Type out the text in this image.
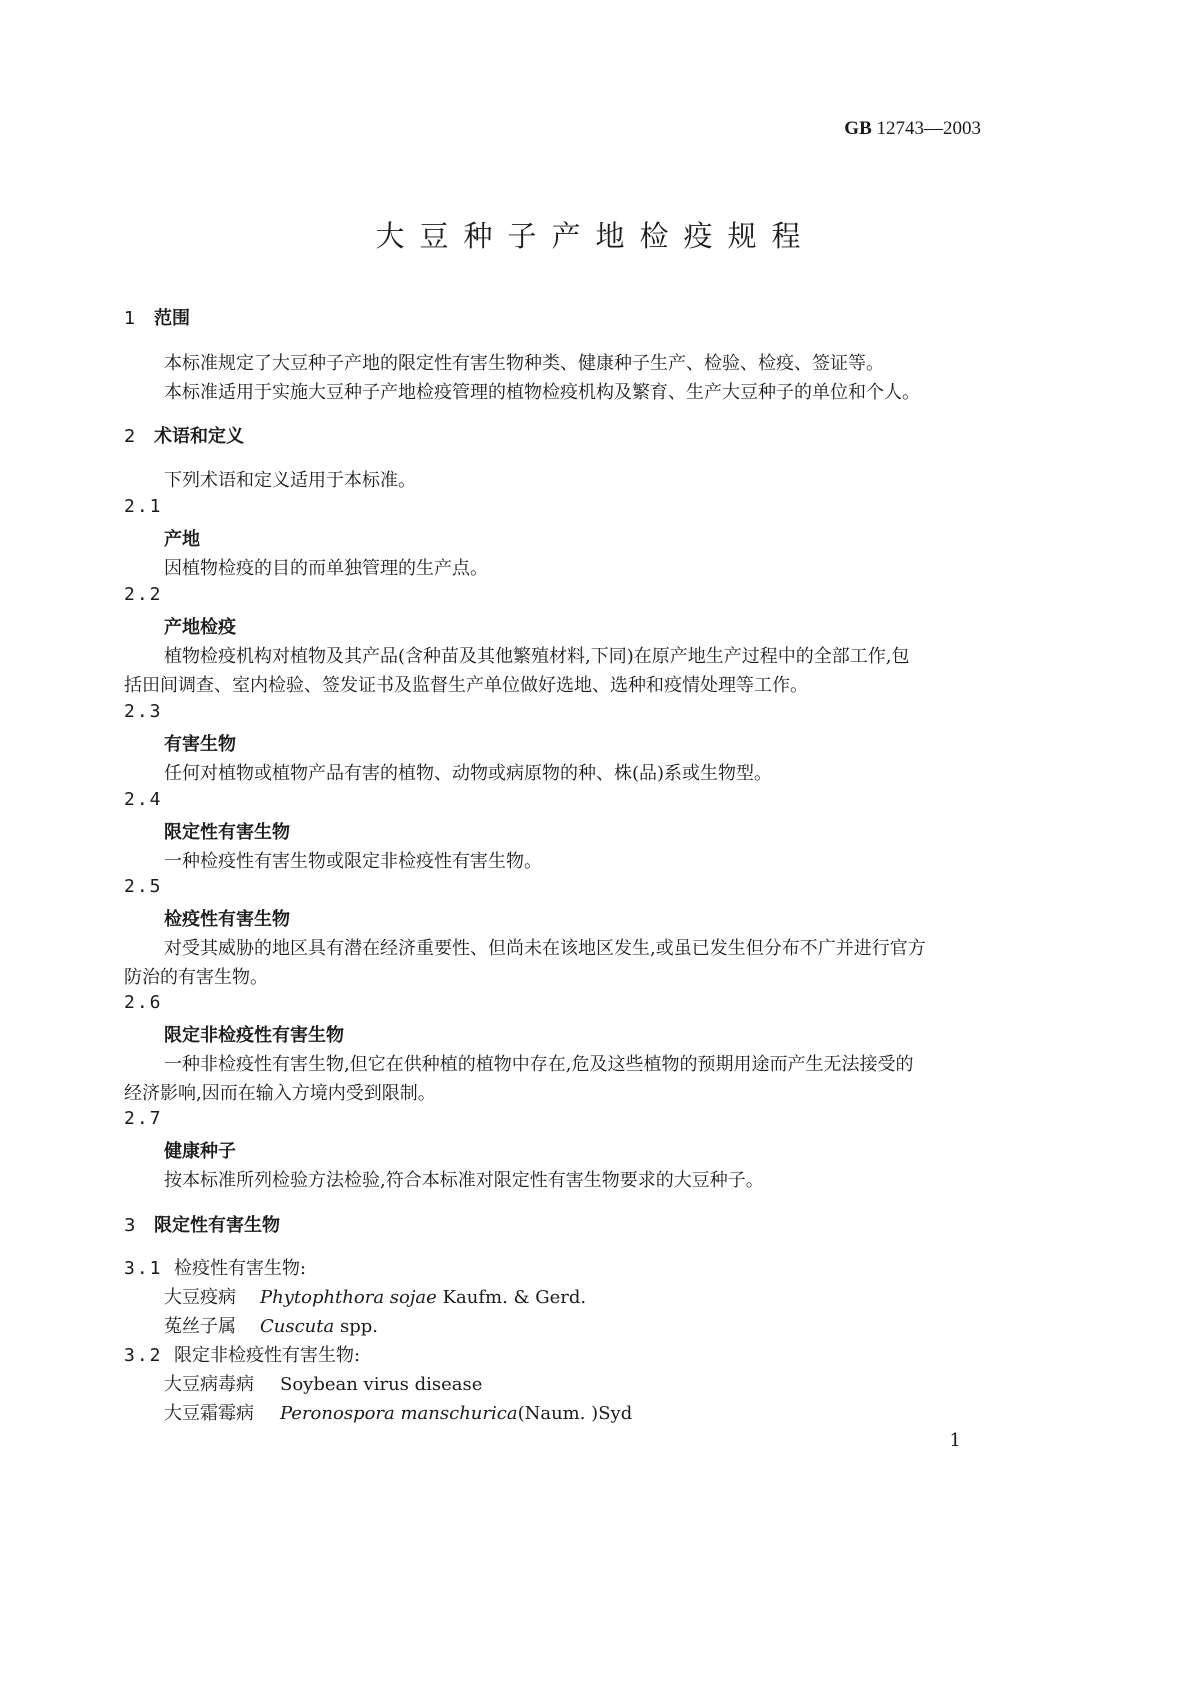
GB 12743—2003
大豆种子产地检疫规程
1 范围
本标准规定了大豆种子产地的限定性有害生物种类、健康种子生产、检验、检疫、签证等。
本标准适用于实施大豆种子产地检疫管理的植物检疫机构及繁育、生产大豆种子的单位和个人。
2 术语和定义
下列术语和定义适用于本标准。
2.1
产地
因植物检疫的目的而单独管理的生产点。
2.2
产地检疫
植物检疫机构对植物及其产品(含种苗及其他繁殖材料,下同)在原产地生产过程中的全部工作,包
括田间调查、室内检验、签发证书及监督生产单位做好选地、选种和疫情处理等工作。
2.3
有害生物
任何对植物或植物产品有害的植物、动物或病原物的种、株(品)系或生物型。
2.4
限定性有害生物
一种检疫性有害生物或限定非检疫性有害生物。
2.5
检疫性有害生物
对受其威胁的地区具有潜在经济重要性、但尚未在该地区发生,或虽已发生但分布不广并进行官方
防治的有害生物。
2.6
限定非检疫性有害生物
一种非检疫性有害生物,但它在供种植的植物中存在,危及这些植物的预期用途而产生无法接受的
经济影响,因而在输入方境内受到限制。
2.7
健康种子
按本标准所列检验方法检验,符合本标准对限定性有害生物要求的大豆种子。
3 限定性有害生物
3.1 检疫性有害生物:
大豆疫病 Phytophthora sojae Kaufm. & Gerd.
菟丝子属 Cuscuta spp.
3.2 限定非检疫性有害生物:
大豆病毒病 Soybean virus disease
大豆霜霉病 Peronospora manschurica(Naum. )Syd
1
